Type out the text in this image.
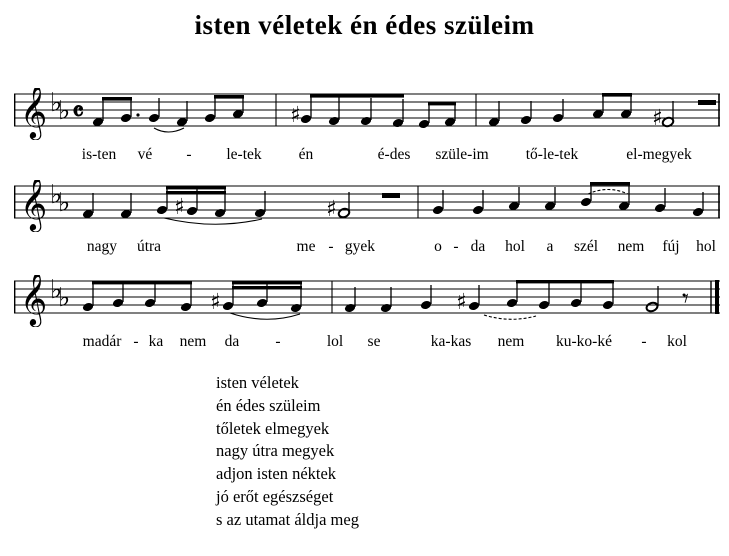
isten véletek én édes szüleim
𝄞 ♭
♭ 𝄴	♯	♯
is-ten vé - le-tek én	é-des szüle-im tő-le-tek	el-megyek
𝄞 ♭
♭	♯	♯
nagy útra	me - gyek	o - da hol a szél nem fúj hol
𝄞 ♭
♭	♯	♯	𝄾
madár - ka nem da -	lol se	ka-kas nem ku-ko-ké - kol
isten véletek
én édes szüleim
tőletek elmegyek
nagy útra megyek
adjon isten néktek
jó erőt egészséget
s az utamat áldja meg
